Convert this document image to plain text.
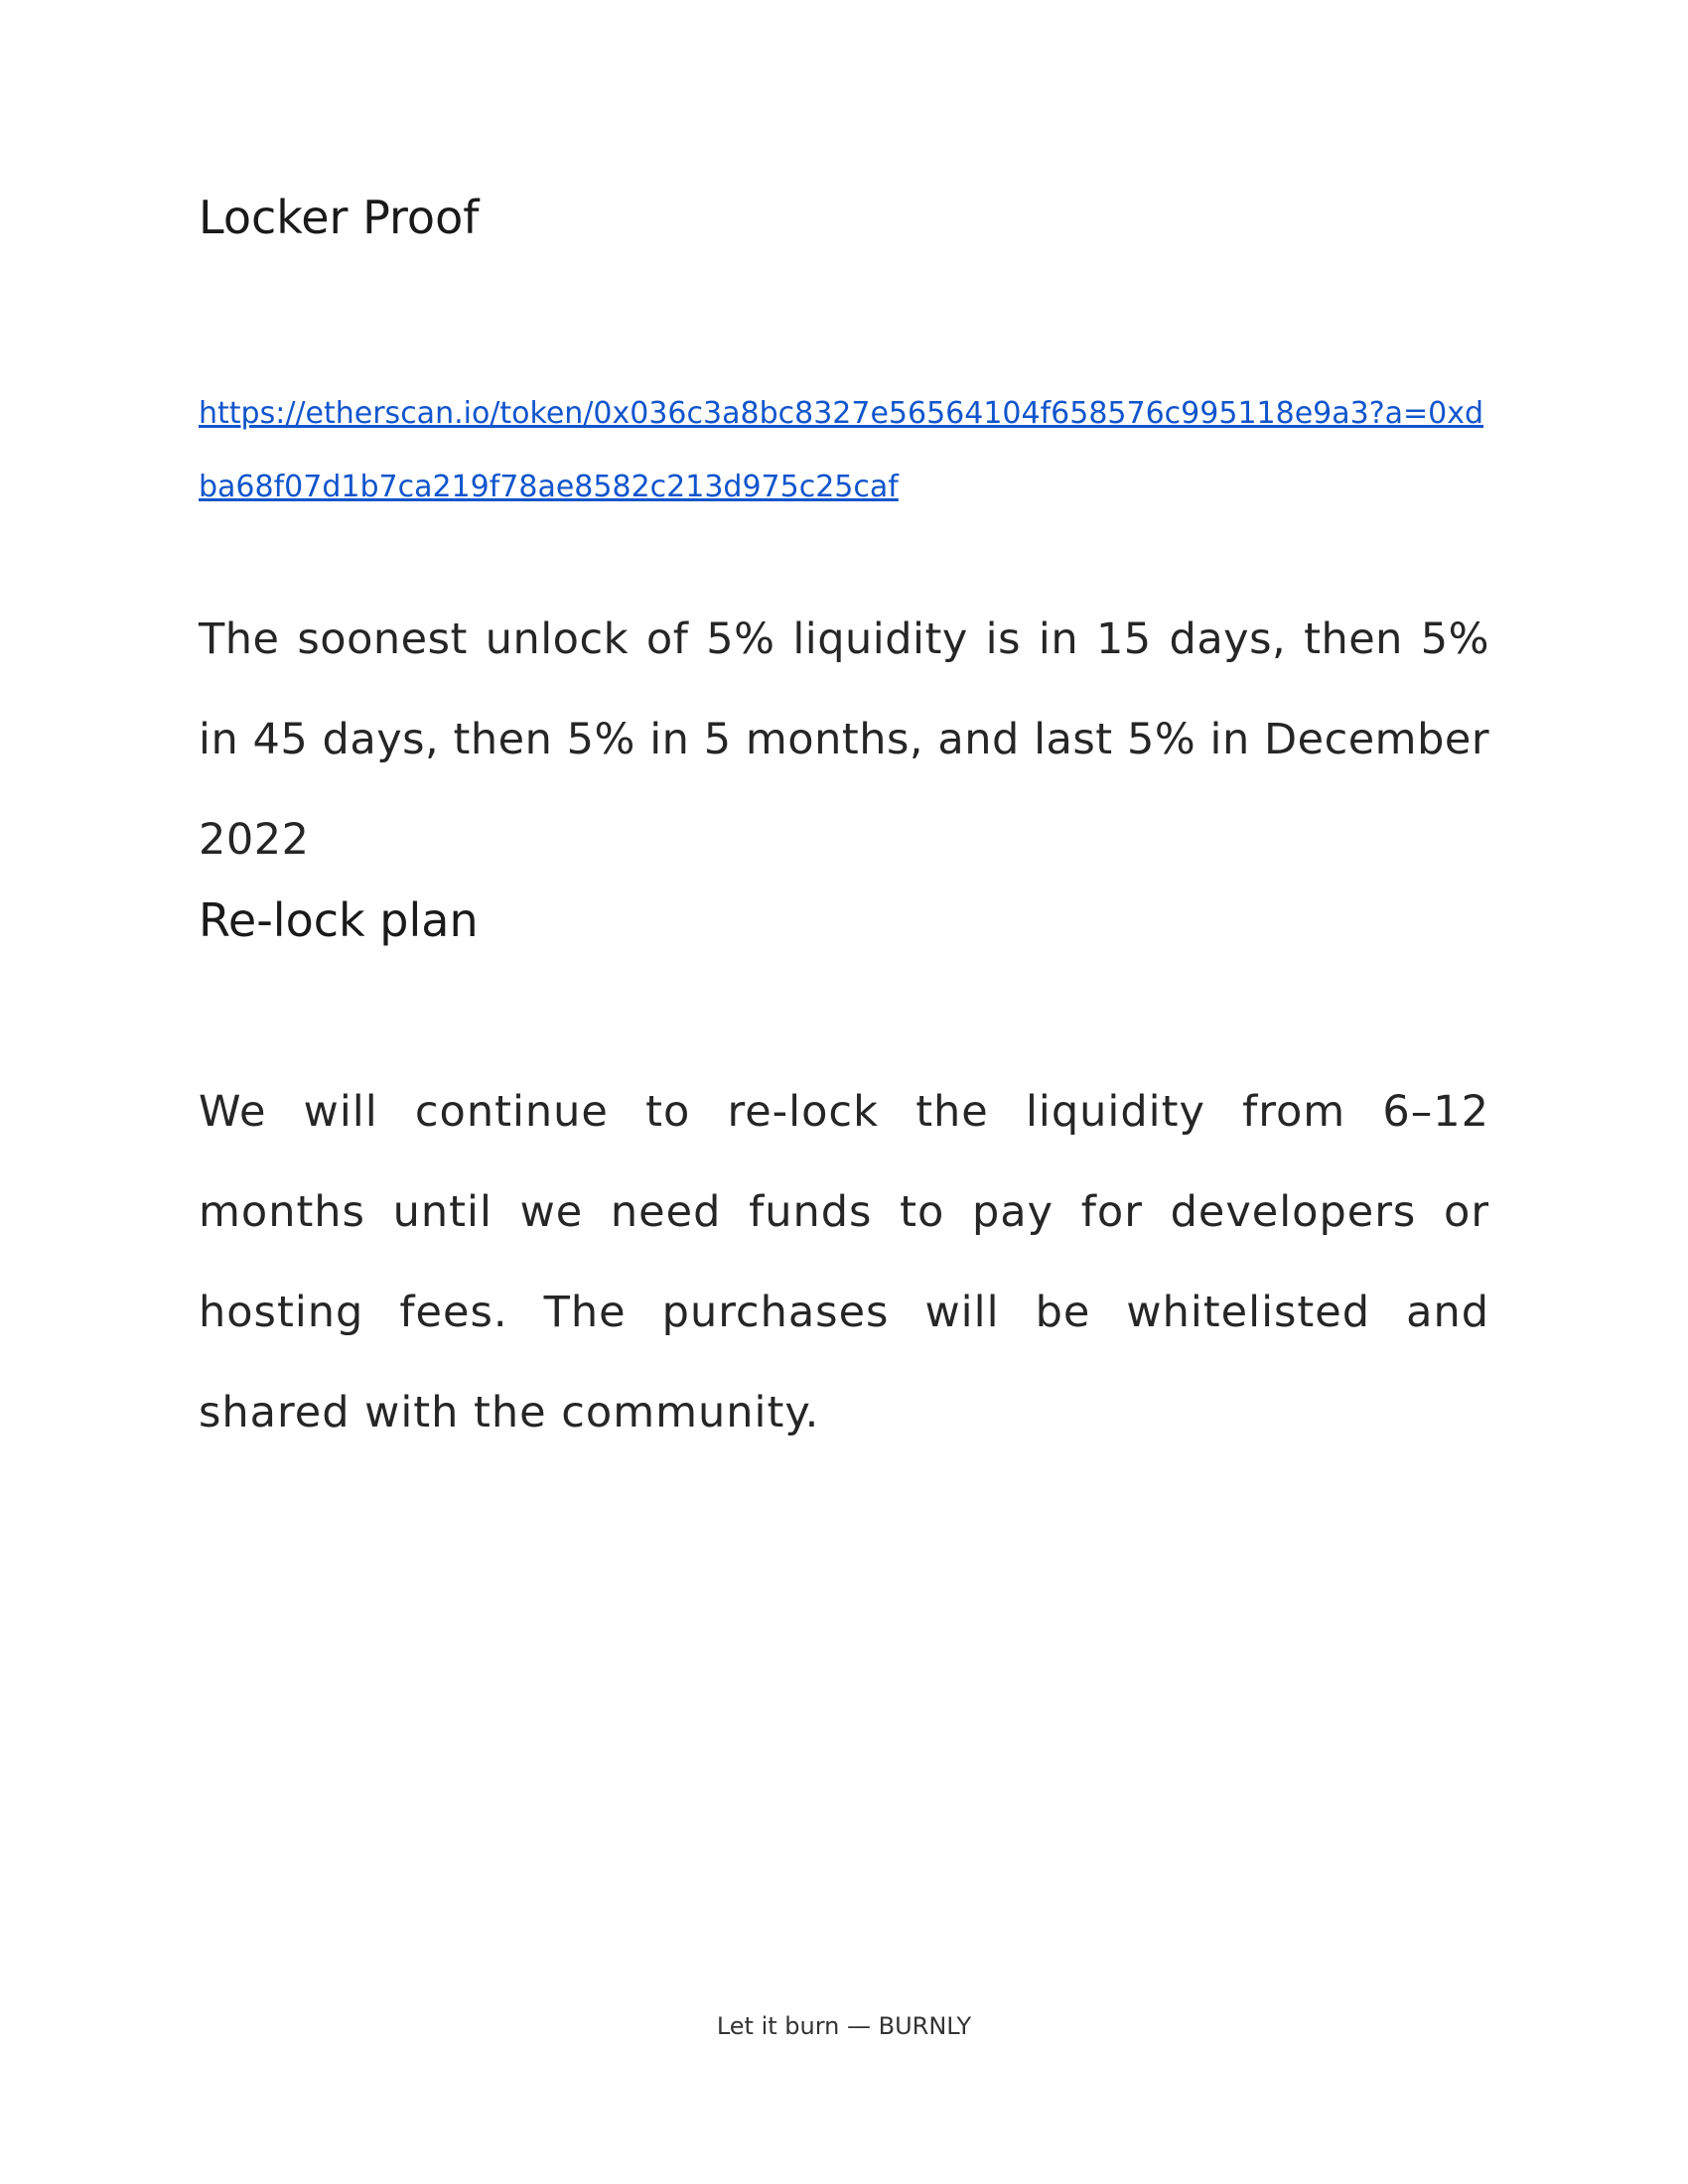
Locker Proof
https://etherscan.io/token/0x036c3a8bc8327e56564104f658576c995118e9a3?a=0xdba68f07d1b7ca219f78ae8582c213d975c25caf

The soonest unlock of 5% liquidity is in 15 days, then 5% in 45 days, then 5% in 5 months, and last 5% in December 2022

Re-lock plan

We will continue to re-lock the liquidity from 6–12 months until we need funds to pay for developers or hosting fees. The purchases will be whitelisted and shared with the community.

Let it burn — BURNLY
